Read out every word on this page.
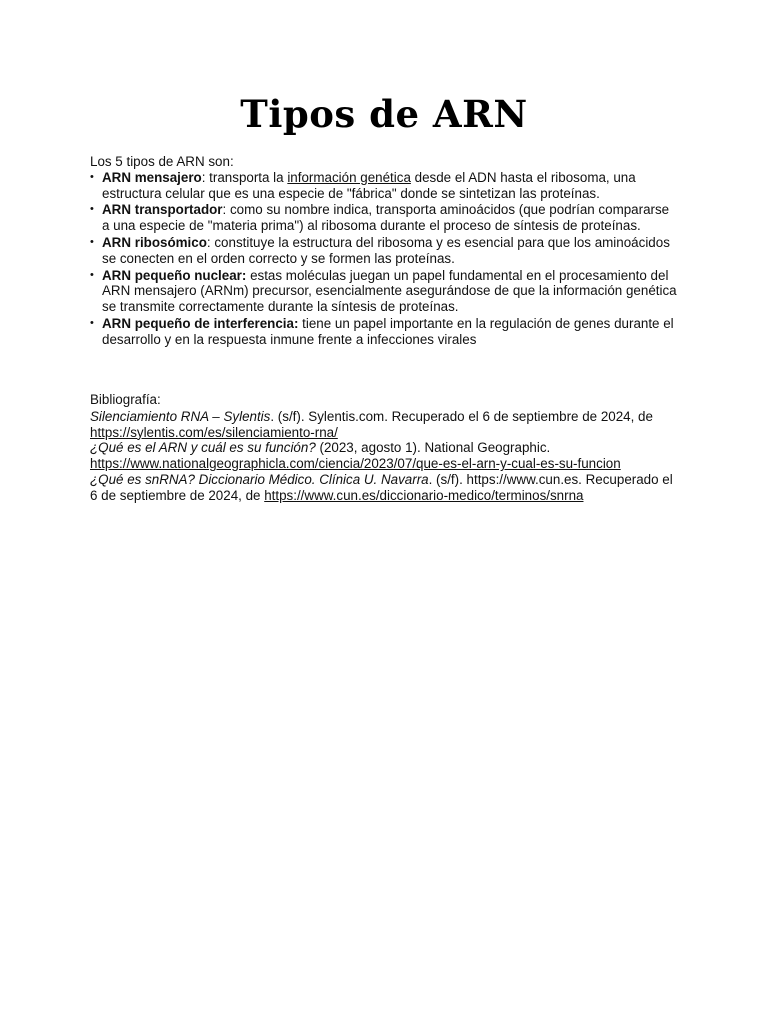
Tipos de ARN

Los 5 tipos de ARN son:

• ARN mensajero: transporta la información genética desde el ADN hasta el ribosoma, una estructura celular que es una especie de "fábrica" donde se sintetizan las proteínas.
• ARN transportador: como su nombre indica, transporta aminoácidos (que podrían compararse a una especie de "materia prima") al ribosoma durante el proceso de síntesis de proteínas.
• ARN ribosómico: constituye la estructura del ribosoma y es esencial para que los aminoácidos se conecten en el orden correcto y se formen las proteínas.
• ARN pequeño nuclear: estas moléculas juegan un papel fundamental en el procesamiento del ARN mensajero (ARNm) precursor, esencialmente asegurándose de que la información genética se transmite correctamente durante la síntesis de proteínas.
• ARN pequeño de interferencia: tiene un papel importante en la regulación de genes durante el desarrollo y en la respuesta inmune frente a infecciones virales

Bibliografía:

Silenciamiento RNA – Sylentis. (s/f). Sylentis.com. Recuperado el 6 de septiembre de 2024, de https://sylentis.com/es/silenciamiento-rna/

¿Qué es el ARN y cuál es su función? (2023, agosto 1). National Geographic. https://www.nationalgeographicla.com/ciencia/2023/07/que-es-el-arn-y-cual-es-su-funcion

¿Qué es snRNA? Diccionario Médico. Clínica U. Navarra. (s/f). https://www.cun.es. Recuperado el 6 de septiembre de 2024, de https://www.cun.es/diccionario-medico/terminos/snrna
